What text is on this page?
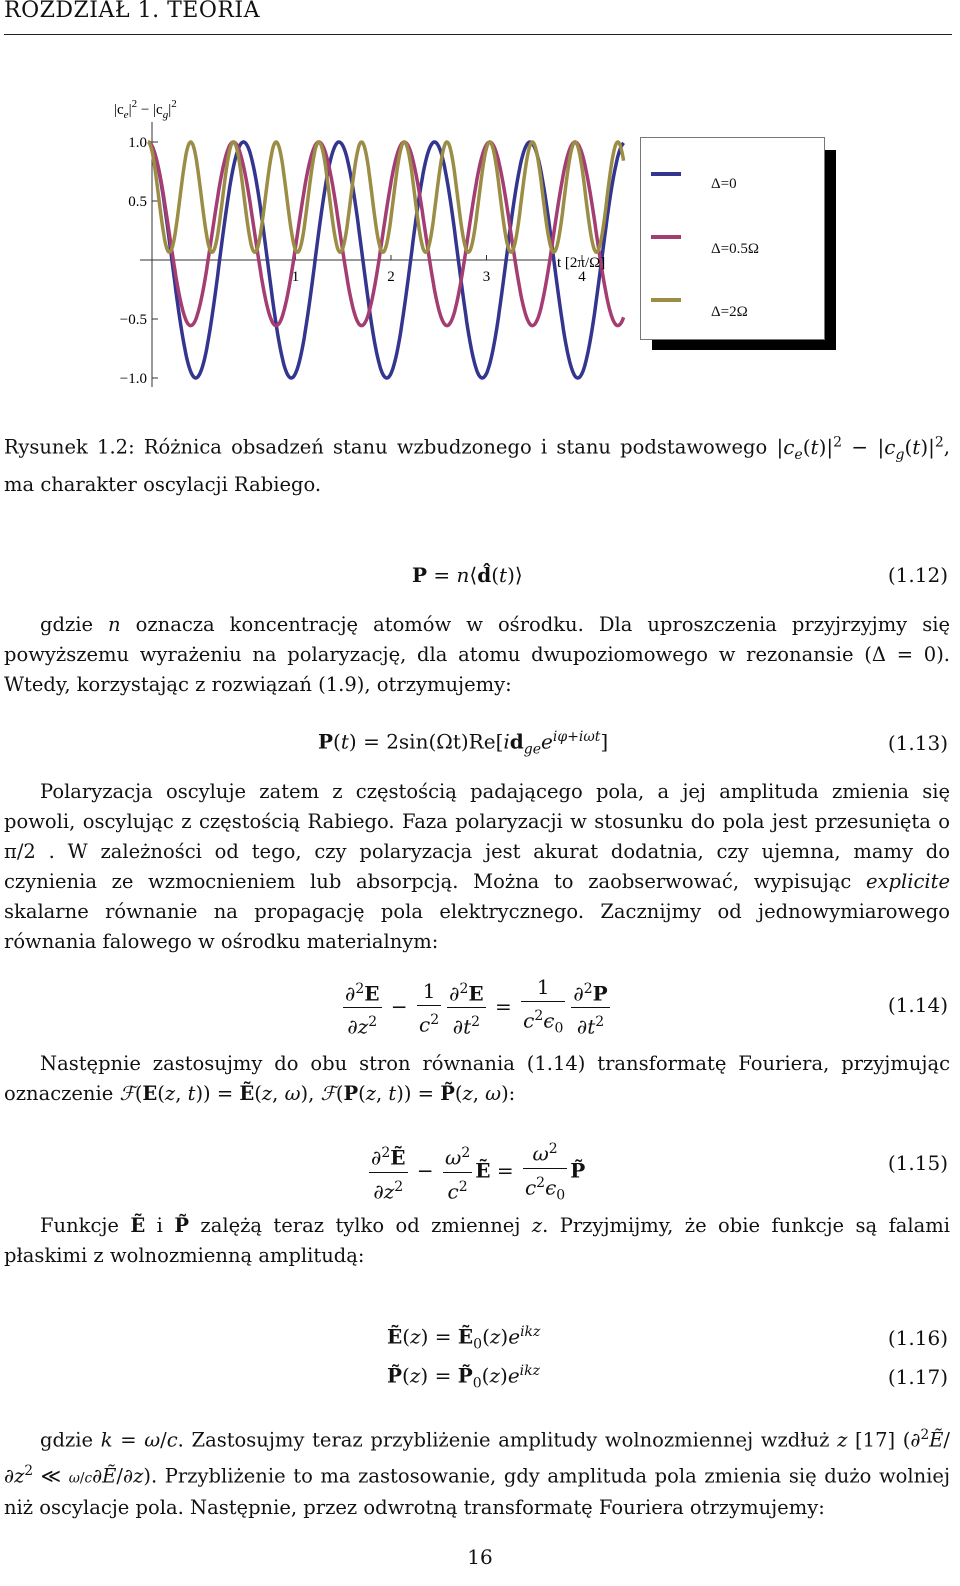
ROZDZIAŁ 1. TEORIA
$|c_e|^2 - |c_g|^2$
1.0
0.5
−0.5
−1.0
1	2	3	4
t [2π/Ω]
Δ=0
Δ=0.5Ω
Δ=2Ω
Rysunek 1.2: Różnica obsadzeń stanu wzbudzonego i stanu podstawowego $|c_e(t)|^2 - |c_g(t)|^2$, ma charakter oscylacji Rabiego.
P = n⟨d̂(t)⟩	(1.12)
gdzie n oznacza koncentrację atomów w ośrodku. Dla uproszczenia przyjrzyjmy się powyższemu wyrażeniu na polaryzację, dla atomu dwupoziomowego w rezonansie (Δ = 0). Wtedy, korzystając z rozwiązań (1.9), otrzymujemy:
$P(t) = 2\sin(\Omega t)Re[id_{ge}e^{i\varphi+i\omega t}]$	(1.13)
Polaryzacja oscyluje zatem z częstością padającego pola, a jej amplituda zmienia się powoli, oscylując z częstością Rabiego. Faza polaryzacji w stosunku do pola jest przesunięta o π/2 . W zależności od tego, czy polaryzacja jest akurat dodatnia, czy ujemna, mamy do czynienia ze wzmocnieniem lub absorpcją. Można to zaobserwować, wypisując explicite skalarne równanie na propagację pola elektrycznego. Zacznijmy od jednowymiarowego równania falowego w ośrodku materialnym:
$\frac{\partial^2E}{\partial z^2} - \frac{1}{c^2} \frac{\partial^2E}{\partial t^2} = \frac{1}{c^2\epsilon_0} \frac{\partial^2P}{\partial t^2}$	(1.14)
Następnie zastosujmy do obu stron równania (1.14) transformatę Fouriera, przyjmując oznaczenie ℱ(E(z, t)) = Ẽ(z, ω), ℱ(P(z, t)) = P̃(z, ω):
$\frac{\partial^2Ẽ}{\partial z^2} - \frac{\omega^2}{c^2}$ Ẽ = $\frac{\omega^2}{c^2\epsilon_0}$ P̃	(1.15)
Funkcje Ẽ i P̃ zalężą teraz tylko od zmiennej z. Przyjmijmy, że obie funkcje są falami płaskimi z wolnozmienną amplitudą:
Ẽ(z) = $Ẽ_0(z)e^{ikz}$	(1.16)
P̃(z) = $P̃_0(z)e^{ikz}$	(1.17)
gdzie k = ω/c. Zastosujmy teraz przybliżenie amplitudy wolnozmiennej wzdłuż z [17] ($\partial^2Ẽ/\partial z^2$ ≪ ω/c∂Ẽ/∂z). Przybliżenie to ma zastosowanie, gdy amplituda pola zmienia się dużo wolniej niż oscylacje pola. Następnie, przez odwrotną transformatę Fouriera otrzymujemy:
16
